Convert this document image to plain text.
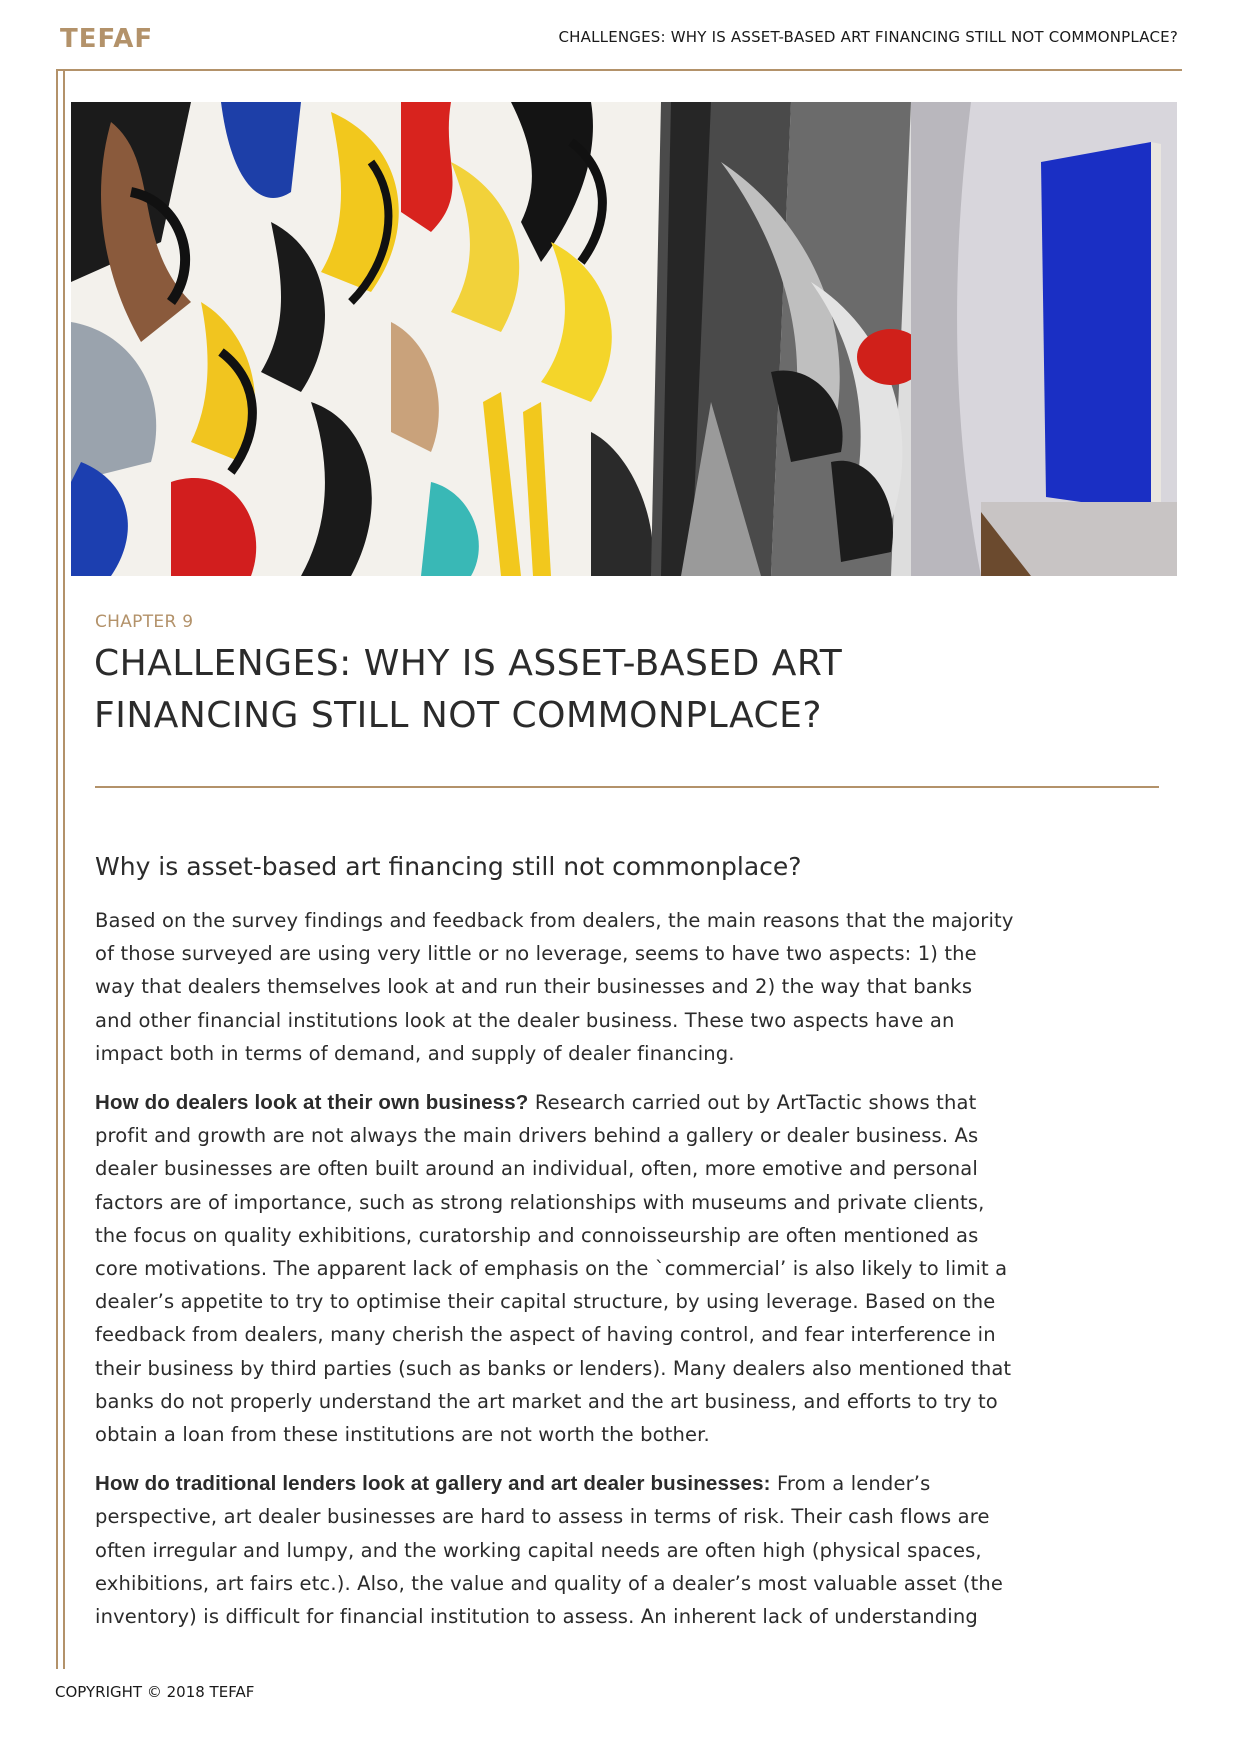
TEFAF	CHALLENGES: WHY IS ASSET-BASED ART FINANCING STILL NOT COMMONPLACE?
CHAPTER 9
CHALLENGES: WHY IS ASSET-BASED ART
FINANCING STILL NOT COMMONPLACE?
Why is asset-based art financing still not commonplace?

Based on the survey findings and feedback from dealers, the main reasons that the majority of those surveyed are using very little or no leverage, seems to have two aspects: 1) the way that dealers themselves look at and run their businesses and 2) the way that banks and other financial institutions look at the dealer business. These two aspects have an impact both in terms of demand, and supply of dealer financing.

How do dealers look at their own business? Research carried out by ArtTactic shows that profit and growth are not always the main drivers behind a gallery or dealer business. As dealer businesses are often built around an individual, often, more emotive and personal factors are of importance, such as strong relationships with museums and private clients, the focus on quality exhibitions, curatorship and connoisseurship are often mentioned as core motivations. The apparent lack of emphasis on the `commercial’ is also likely to limit a dealer’s appetite to try to optimise their capital structure, by using leverage. Based on the feedback from dealers, many cherish the aspect of having control, and fear interference in their business by third parties (such as banks or lenders). Many dealers also mentioned that banks do not properly understand the art market and the art business, and efforts to try to obtain a loan from these institutions are not worth the bother.

How do traditional lenders look at gallery and art dealer businesses: From a lender’s perspective, art dealer businesses are hard to assess in terms of risk. Their cash flows are often irregular and lumpy, and the working capital needs are often high (physical spaces, exhibitions, art fairs etc.). Also, the value and quality of a dealer’s most valuable asset (the inventory) is difficult for financial institution to assess. An inherent lack of understanding

COPYRIGHT © 2018 TEFAF
